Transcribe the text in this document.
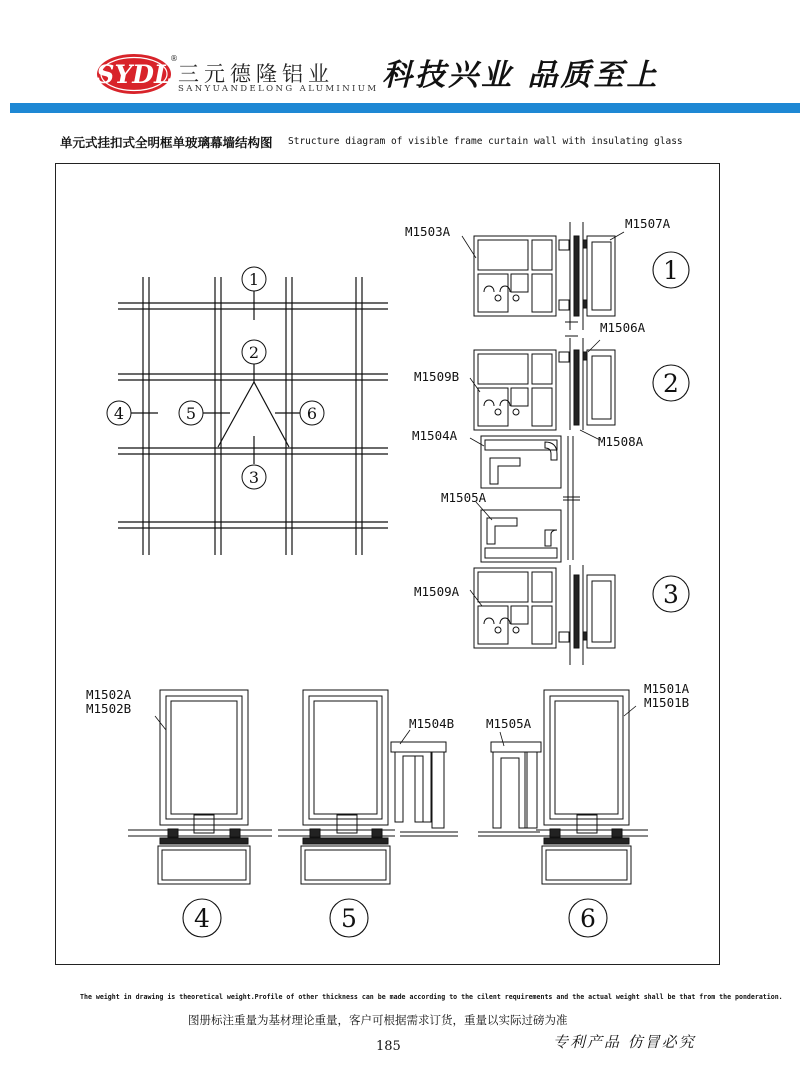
SYDL
®
三元德隆铝业
SANYUANDELONG ALUMINIUM 科技兴业 品质至上
单元式挂扣式全明框单玻璃幕墙结构图 Structure diagram of visible frame curtain wall with insulating glass
1
2
3
4	5	6
1
2
3
4	5	6
M1503A
M1507A
M1506A
M1509B
M1504A	M1508A
M1505A
M1509A
M1502A
M1502B
M1504B	M1505A
M1501A
M1501B
The weight in drawing is theoretical weight.Profile of other thickness can be made according to the cilent requirements and the actual weight shall be that from the ponderation.
图册标注重量为基材理论重量，客户可根据需求订货，重量以实际过磅为准
185	专利产品 仿冒必究
